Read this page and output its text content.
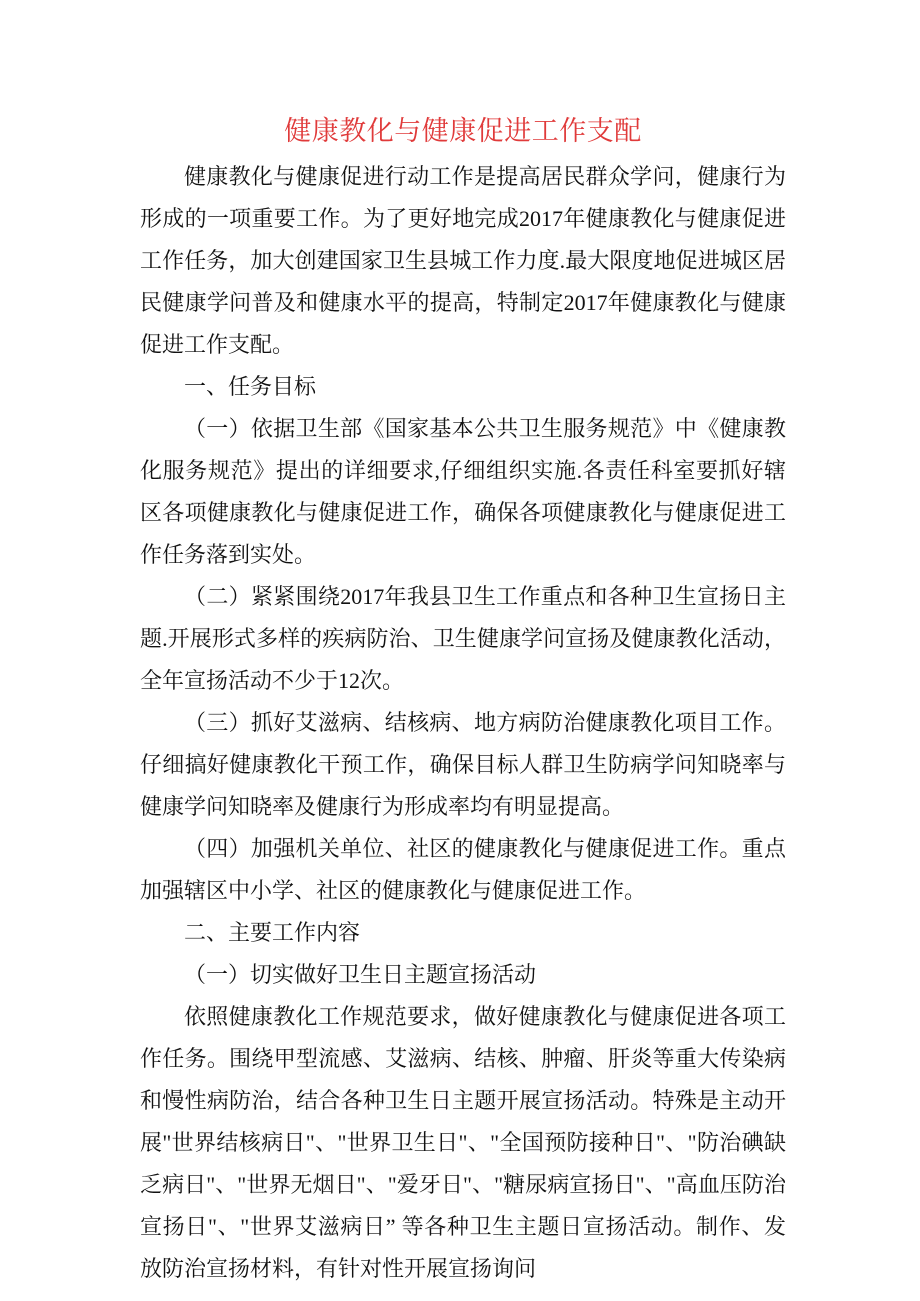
健康教化与健康促进工作支配

健康教化与健康促进行动工作是提高居民群众学问，健康行为形成的一项重要工作。为了更好地完成2017年健康教化与健康促进工作任务，加大创建国家卫生县城工作力度.最大限度地促进城区居民健康学问普及和健康水平的提高，特制定2017年健康教化与健康促进工作支配。

一、任务目标

（一）依据卫生部《国家基本公共卫生服务规范》中《健康教化服务规范》提出的详细要求,仔细组织实施.各责任科室要抓好辖区各项健康教化与健康促进工作，确保各项健康教化与健康促进工作任务落到实处。

（二）紧紧围绕2017年我县卫生工作重点和各种卫生宣扬日主题.开展形式多样的疾病防治、卫生健康学问宣扬及健康教化活动，全年宣扬活动不少于12次。

（三）抓好艾滋病、结核病、地方病防治健康教化项目工作。仔细搞好健康教化干预工作，确保目标人群卫生防病学问知晓率与健康学问知晓率及健康行为形成率均有明显提高。

（四）加强机关单位、社区的健康教化与健康促进工作。重点加强辖区中小学、社区的健康教化与健康促进工作。

二、主要工作内容

（一）切实做好卫生日主题宣扬活动

依照健康教化工作规范要求，做好健康教化与健康促进各项工作任务。围绕甲型流感、艾滋病、结核、肿瘤、肝炎等重大传染病和慢性病防治，结合各种卫生日主题开展宣扬活动。特殊是主动开展"世界结核病日"、"世界卫生日"、"全国预防接种日"、"防治碘缺乏病日"、"世界无烟日"、"爱牙日"、"糖尿病宣扬日"、"高血压防治宣扬日"、"世界艾滋病日” 等各种卫生主题日宣扬活动。制作、发放防治宣扬材料，有针对性开展宣扬询问
